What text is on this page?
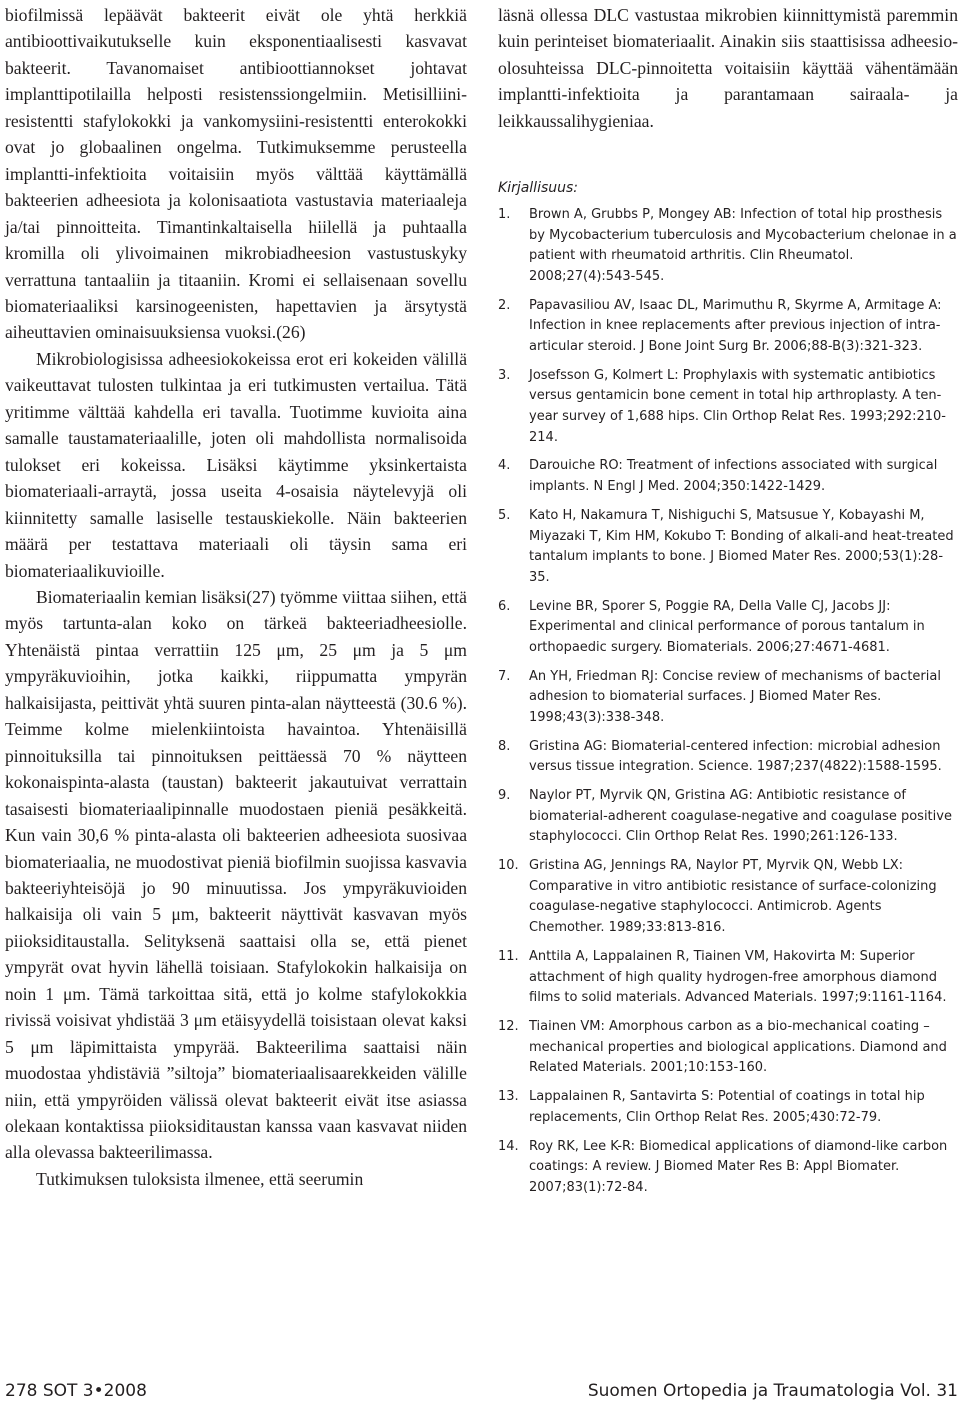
biofilmissä lepäävät bakteerit eivät ole yhtä herkkiä antibioottivaikutukselle kuin eksponentiaalisesti kasvavat bakteerit. Tavanomaiset antibioottiannokset johtavat implanttipotilailla helposti resistenssiongelmiin. Metisilliini-resistentti stafylokokki ja vankomysiini-resistentti enterokokki ovat jo globaalinen ongelma. Tutkimuksemme perusteella implantti-infektioita voitaisiin myös välttää käyttämällä bakteerien adheesiota ja kolonisaatiota vastustavia materiaaleja ja/tai pinnoitteita. Timantinkaltaisella hiilellä ja puhtaalla kromilla oli ylivoimainen mikrobiadheesion vastustuskyky verrattuna tantaaliin ja titaaniin. Kromi ei sellaisenaan sovellu biomateriaaliksi karsinogeenisten, hapettavien ja ärsytystä aiheuttavien ominaisuuksiensa vuoksi.(26)

Mikrobiologisissa adheesiokokeissa erot eri kokeiden välillä vaikeuttavat tulosten tulkintaa ja eri tutkimusten vertailua. Tätä yritimme välttää kahdella eri tavalla. Tuotimme kuvioita aina samalle taustamateriaalille, joten oli mahdollista normalisoida tulokset eri kokeissa. Lisäksi käytimme yksinkertaista biomateriaali-arraytä, jossa useita 4-osaisia näytelevyjä oli kiinnitetty samalle lasiselle testauskiekolle. Näin bakteerien määrä per testattava materiaali oli täysin sama eri biomateriaalikuvioille.

Biomateriaalin kemian lisäksi(27) työmme viittaa siihen, että myös tartunta-alan koko on tärkeä bakteeriadheesiolle. Yhtenäistä pintaa verrattiin 125 μm, 25 μm ja 5 μm ympyräkuvioihin, jotka kaikki, riippumatta ympyrän halkaisijasta, peittivät yhtä suuren pinta-alan näytteestä (30.6 %). Teimme kolme mielenkiintoista havaintoa. Yhtenäisillä pinnoituksilla tai pinnoituksen peittäessä 70 % näytteen kokonaispinta-alasta (taustan) bakteerit jakautuivat verrattain tasaisesti biomateriaalipinnalle muodostaen pieniä pesäkkeitä. Kun vain 30,6 % pinta-alasta oli bakteerien adheesiota suosivaa biomateriaalia, ne muodostivat pieniä biofilmin suojissa kasvavia bakteeriyhteisöjä jo 90 minuutissa. Jos ympyräkuvioiden halkaisija oli vain 5 μm, bakteerit näyttivät kasvavan myös piioksiditaustalla. Selityksenä saattaisi olla se, että pienet ympyrät ovat hyvin lähellä toisiaan. Stafylokokin halkaisija on noin 1 μm. Tämä tarkoittaa sitä, että jo kolme stafylokokkia rivissä voisivat yhdistää 3 μm etäisyydellä toisistaan olevat kaksi 5 μm läpimittaista ympyrää. Bakteerilima saattaisi näin muodostaa yhdistäviä ”siltoja” biomateriaalisaarekkeiden välille niin, että ympyröiden välissä olevat bakteerit eivät itse asiassa olekaan kontaktissa piioksiditaustan kanssa vaan kasvavat niiden alla olevassa bakteerilimassa.

Tutkimuksen tuloksista ilmenee, että seerumin

läsnä ollessa DLC vastustaa mikrobien kiinnittymistä paremmin kuin perinteiset biomateriaalit. Ainakin siis staattisissa adheesio-olosuhteissa DLC-pinnoitetta voitaisiin käyttää vähentämään implantti-infektioita ja parantamaan sairaala- ja leikkaussalihygieniaa.

Kirjallisuus:
1.	Brown A, Grubbs P, Mongey AB: Infection of total hip prosthesis by Mycobacterium tuberculosis and Mycobacterium chelonae in a patient with rheumatoid arthritis. Clin Rheumatol. 2008;27(4):543-545.
2.	Papavasiliou AV, Isaac DL, Marimuthu R, Skyrme A, Armitage A: Infection in knee replacements after previous injection of intra-articular steroid. J Bone Joint Surg Br. 2006;88-B(3):321-323.
3.	Josefsson G, Kolmert L: Prophylaxis with systematic antibiotics versus gentamicin bone cement in total hip arthroplasty. A ten-year survey of 1,688 hips. Clin Orthop Relat Res. 1993;292:210-214.
4.	Darouiche RO: Treatment of infections associated with surgical implants. N Engl J Med. 2004;350:1422-1429.
5.	Kato H, Nakamura T, Nishiguchi S, Matsusue Y, Kobayashi M, Miyazaki T, Kim HM, Kokubo T: Bonding of alkali-and heat-treated tantalum implants to bone. J Biomed Mater Res. 2000;53(1):28-35.
6.	Levine BR, Sporer S, Poggie RA, Della Valle CJ, Jacobs JJ: Experimental and clinical performance of porous tantalum in orthopaedic surgery. Biomaterials. 2006;27:4671-4681.
7.	An YH, Friedman RJ: Concise review of mechanisms of bacterial adhesion to biomaterial surfaces. J Biomed Mater Res. 1998;43(3):338-348.
8.	Gristina AG: Biomaterial-centered infection: microbial adhesion versus tissue integration. Science. 1987;237(4822):1588-1595.
9.	Naylor PT, Myrvik QN, Gristina AG: Antibiotic resistance of biomaterial-adherent coagulase-negative and coagulase positive staphylococci. Clin Orthop Relat Res. 1990;261:126-133.
10. Gristina AG, Jennings RA, Naylor PT, Myrvik QN, Webb LX: Comparative in vitro antibiotic resistance of surface-colonizing coagulase-negative staphylococci. Antimicrob. Agents Chemother. 1989;33:813-816.
11. Anttila A, Lappalainen R, Tiainen VM, Hakovirta M: Superior attachment of high quality hydrogen-free amorphous diamond films to solid materials. Advanced Materials. 1997;9:1161-1164.
12. Tiainen VM: Amorphous carbon as a bio-mechanical coating – mechanical properties and biological applications. Diamond and Related Materials. 2001;10:153-160.
13. Lappalainen R, Santavirta S: Potential of coatings in total hip replacements, Clin Orthop Relat Res. 2005;430:72-79.
14. Roy RK, Lee K-R: Biomedical applications of diamond-like carbon coatings: A review. J Biomed Mater Res B: Appl Biomater. 2007;83(1):72-84.
278 SOT 3•2008	Suomen Ortopedia ja Traumatologia Vol. 31
